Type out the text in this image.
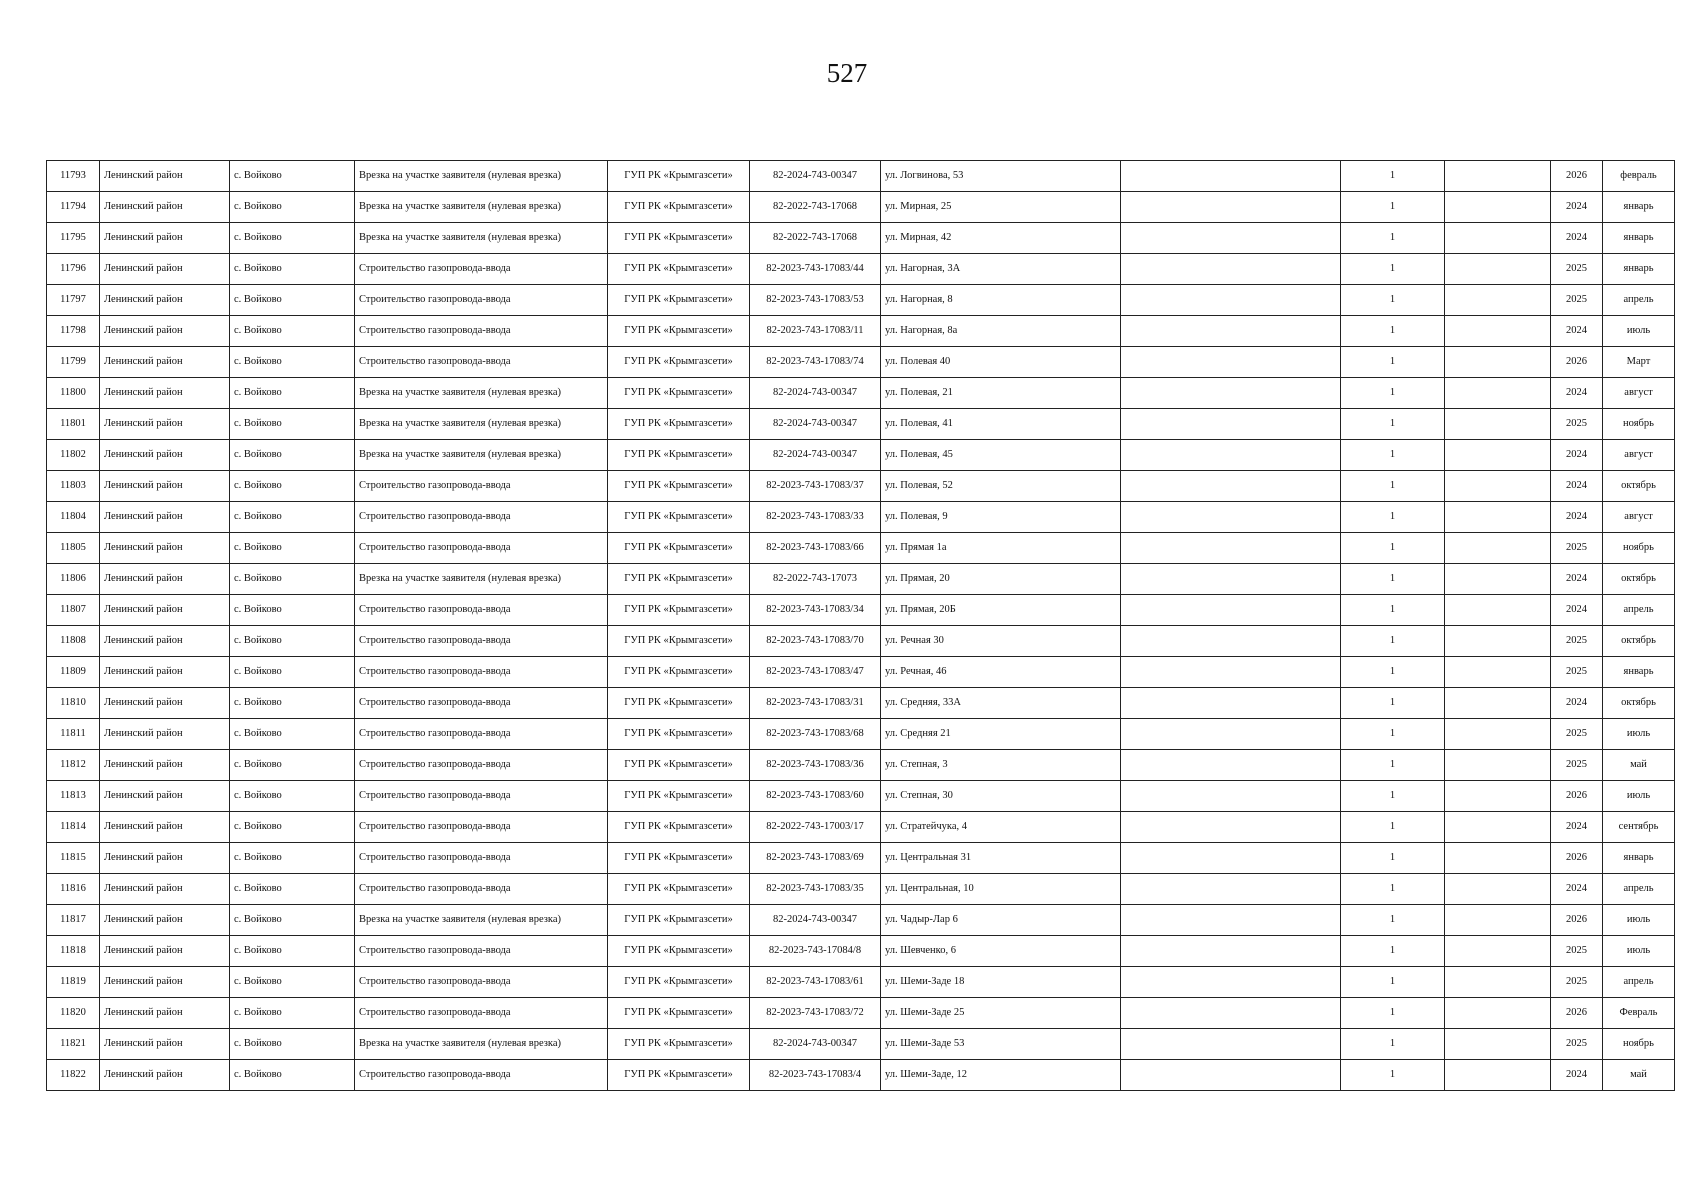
527
11793	Ленинский район	с. Войково	Врезка на участке заявителя (нулевая врезка)	ГУП РК «Крымгазсети»	82-2024-743-00347	ул. Логвинова, 53		1		2026	февраль
11794	Ленинский район	с. Войково	Врезка на участке заявителя (нулевая врезка)	ГУП РК «Крымгазсети»	82-2022-743-17068	ул. Мирная, 25		1		2024	январь
11795	Ленинский район	с. Войково	Врезка на участке заявителя (нулевая врезка)	ГУП РК «Крымгазсети»	82-2022-743-17068	ул. Мирная, 42		1		2024	январь
11796	Ленинский район	с. Войково	Строительство газопровода-ввода	ГУП РК «Крымгазсети»	82-2023-743-17083/44	ул. Нагорная, 3А		1		2025	январь
11797	Ленинский район	с. Войково	Строительство газопровода-ввода	ГУП РК «Крымгазсети»	82-2023-743-17083/53	ул. Нагорная, 8		1		2025	апрель
11798	Ленинский район	с. Войково	Строительство газопровода-ввода	ГУП РК «Крымгазсети»	82-2023-743-17083/11	ул. Нагорная, 8а		1		2024	июль
11799	Ленинский район	с. Войково	Строительство газопровода-ввода	ГУП РК «Крымгазсети»	82-2023-743-17083/74	ул. Полевая 40		1		2026	Март
11800	Ленинский район	с. Войково	Врезка на участке заявителя (нулевая врезка)	ГУП РК «Крымгазсети»	82-2024-743-00347	ул. Полевая, 21		1		2024	август
11801	Ленинский район	с. Войково	Врезка на участке заявителя (нулевая врезка)	ГУП РК «Крымгазсети»	82-2024-743-00347	ул. Полевая, 41		1		2025	ноябрь
11802	Ленинский район	с. Войково	Врезка на участке заявителя (нулевая врезка)	ГУП РК «Крымгазсети»	82-2024-743-00347	ул. Полевая, 45		1		2024	август
11803	Ленинский район	с. Войково	Строительство газопровода-ввода	ГУП РК «Крымгазсети»	82-2023-743-17083/37	ул. Полевая, 52		1		2024	октябрь
11804	Ленинский район	с. Войково	Строительство газопровода-ввода	ГУП РК «Крымгазсети»	82-2023-743-17083/33	ул. Полевая, 9		1		2024	август
11805	Ленинский район	с. Войково	Строительство газопровода-ввода	ГУП РК «Крымгазсети»	82-2023-743-17083/66	ул. Прямая 1а		1		2025	ноябрь
11806	Ленинский район	с. Войково	Врезка на участке заявителя (нулевая врезка)	ГУП РК «Крымгазсети»	82-2022-743-17073	ул. Прямая, 20		1		2024	октябрь
11807	Ленинский район	с. Войково	Строительство газопровода-ввода	ГУП РК «Крымгазсети»	82-2023-743-17083/34	ул. Прямая, 20Б		1		2024	апрель
11808	Ленинский район	с. Войково	Строительство газопровода-ввода	ГУП РК «Крымгазсети»	82-2023-743-17083/70	ул. Речная 30		1		2025	октябрь
11809	Ленинский район	с. Войково	Строительство газопровода-ввода	ГУП РК «Крымгазсети»	82-2023-743-17083/47	ул. Речная, 46		1		2025	январь
11810	Ленинский район	с. Войково	Строительство газопровода-ввода	ГУП РК «Крымгазсети»	82-2023-743-17083/31	ул. Средняя, 33А		1		2024	октябрь
11811	Ленинский район	с. Войково	Строительство газопровода-ввода	ГУП РК «Крымгазсети»	82-2023-743-17083/68	ул. Средняя 21		1		2025	июль
11812	Ленинский район	с. Войково	Строительство газопровода-ввода	ГУП РК «Крымгазсети»	82-2023-743-17083/36	ул. Степная, 3		1		2025	май
11813	Ленинский район	с. Войково	Строительство газопровода-ввода	ГУП РК «Крымгазсети»	82-2023-743-17083/60	ул. Степная, 30		1		2026	июль
11814	Ленинский район	с. Войково	Строительство газопровода-ввода	ГУП РК «Крымгазсети»	82-2022-743-17003/17	ул. Стратейчука, 4		1		2024	сентябрь
11815	Ленинский район	с. Войково	Строительство газопровода-ввода	ГУП РК «Крымгазсети»	82-2023-743-17083/69	ул. Центральная 31		1		2026	январь
11816	Ленинский район	с. Войково	Строительство газопровода-ввода	ГУП РК «Крымгазсети»	82-2023-743-17083/35	ул. Центральная, 10		1		2024	апрель
11817	Ленинский район	с. Войково	Врезка на участке заявителя (нулевая врезка)	ГУП РК «Крымгазсети»	82-2024-743-00347	ул. Чадыр-Лар 6		1		2026	июль
11818	Ленинский район	с. Войково	Строительство газопровода-ввода	ГУП РК «Крымгазсети»	82-2023-743-17084/8	ул. Шевченко, 6		1		2025	июль
11819	Ленинский район	с. Войково	Строительство газопровода-ввода	ГУП РК «Крымгазсети»	82-2023-743-17083/61	ул. Шеми-Заде 18		1		2025	апрель
11820	Ленинский район	с. Войково	Строительство газопровода-ввода	ГУП РК «Крымгазсети»	82-2023-743-17083/72	ул. Шеми-Заде 25		1		2026	Февраль
11821	Ленинский район	с. Войково	Врезка на участке заявителя (нулевая врезка)	ГУП РК «Крымгазсети»	82-2024-743-00347	ул. Шеми-Заде 53		1		2025	ноябрь
11822	Ленинский район	с. Войково	Строительство газопровода-ввода	ГУП РК «Крымгазсети»	82-2023-743-17083/4	ул. Шеми-Заде, 12		1		2024	май
